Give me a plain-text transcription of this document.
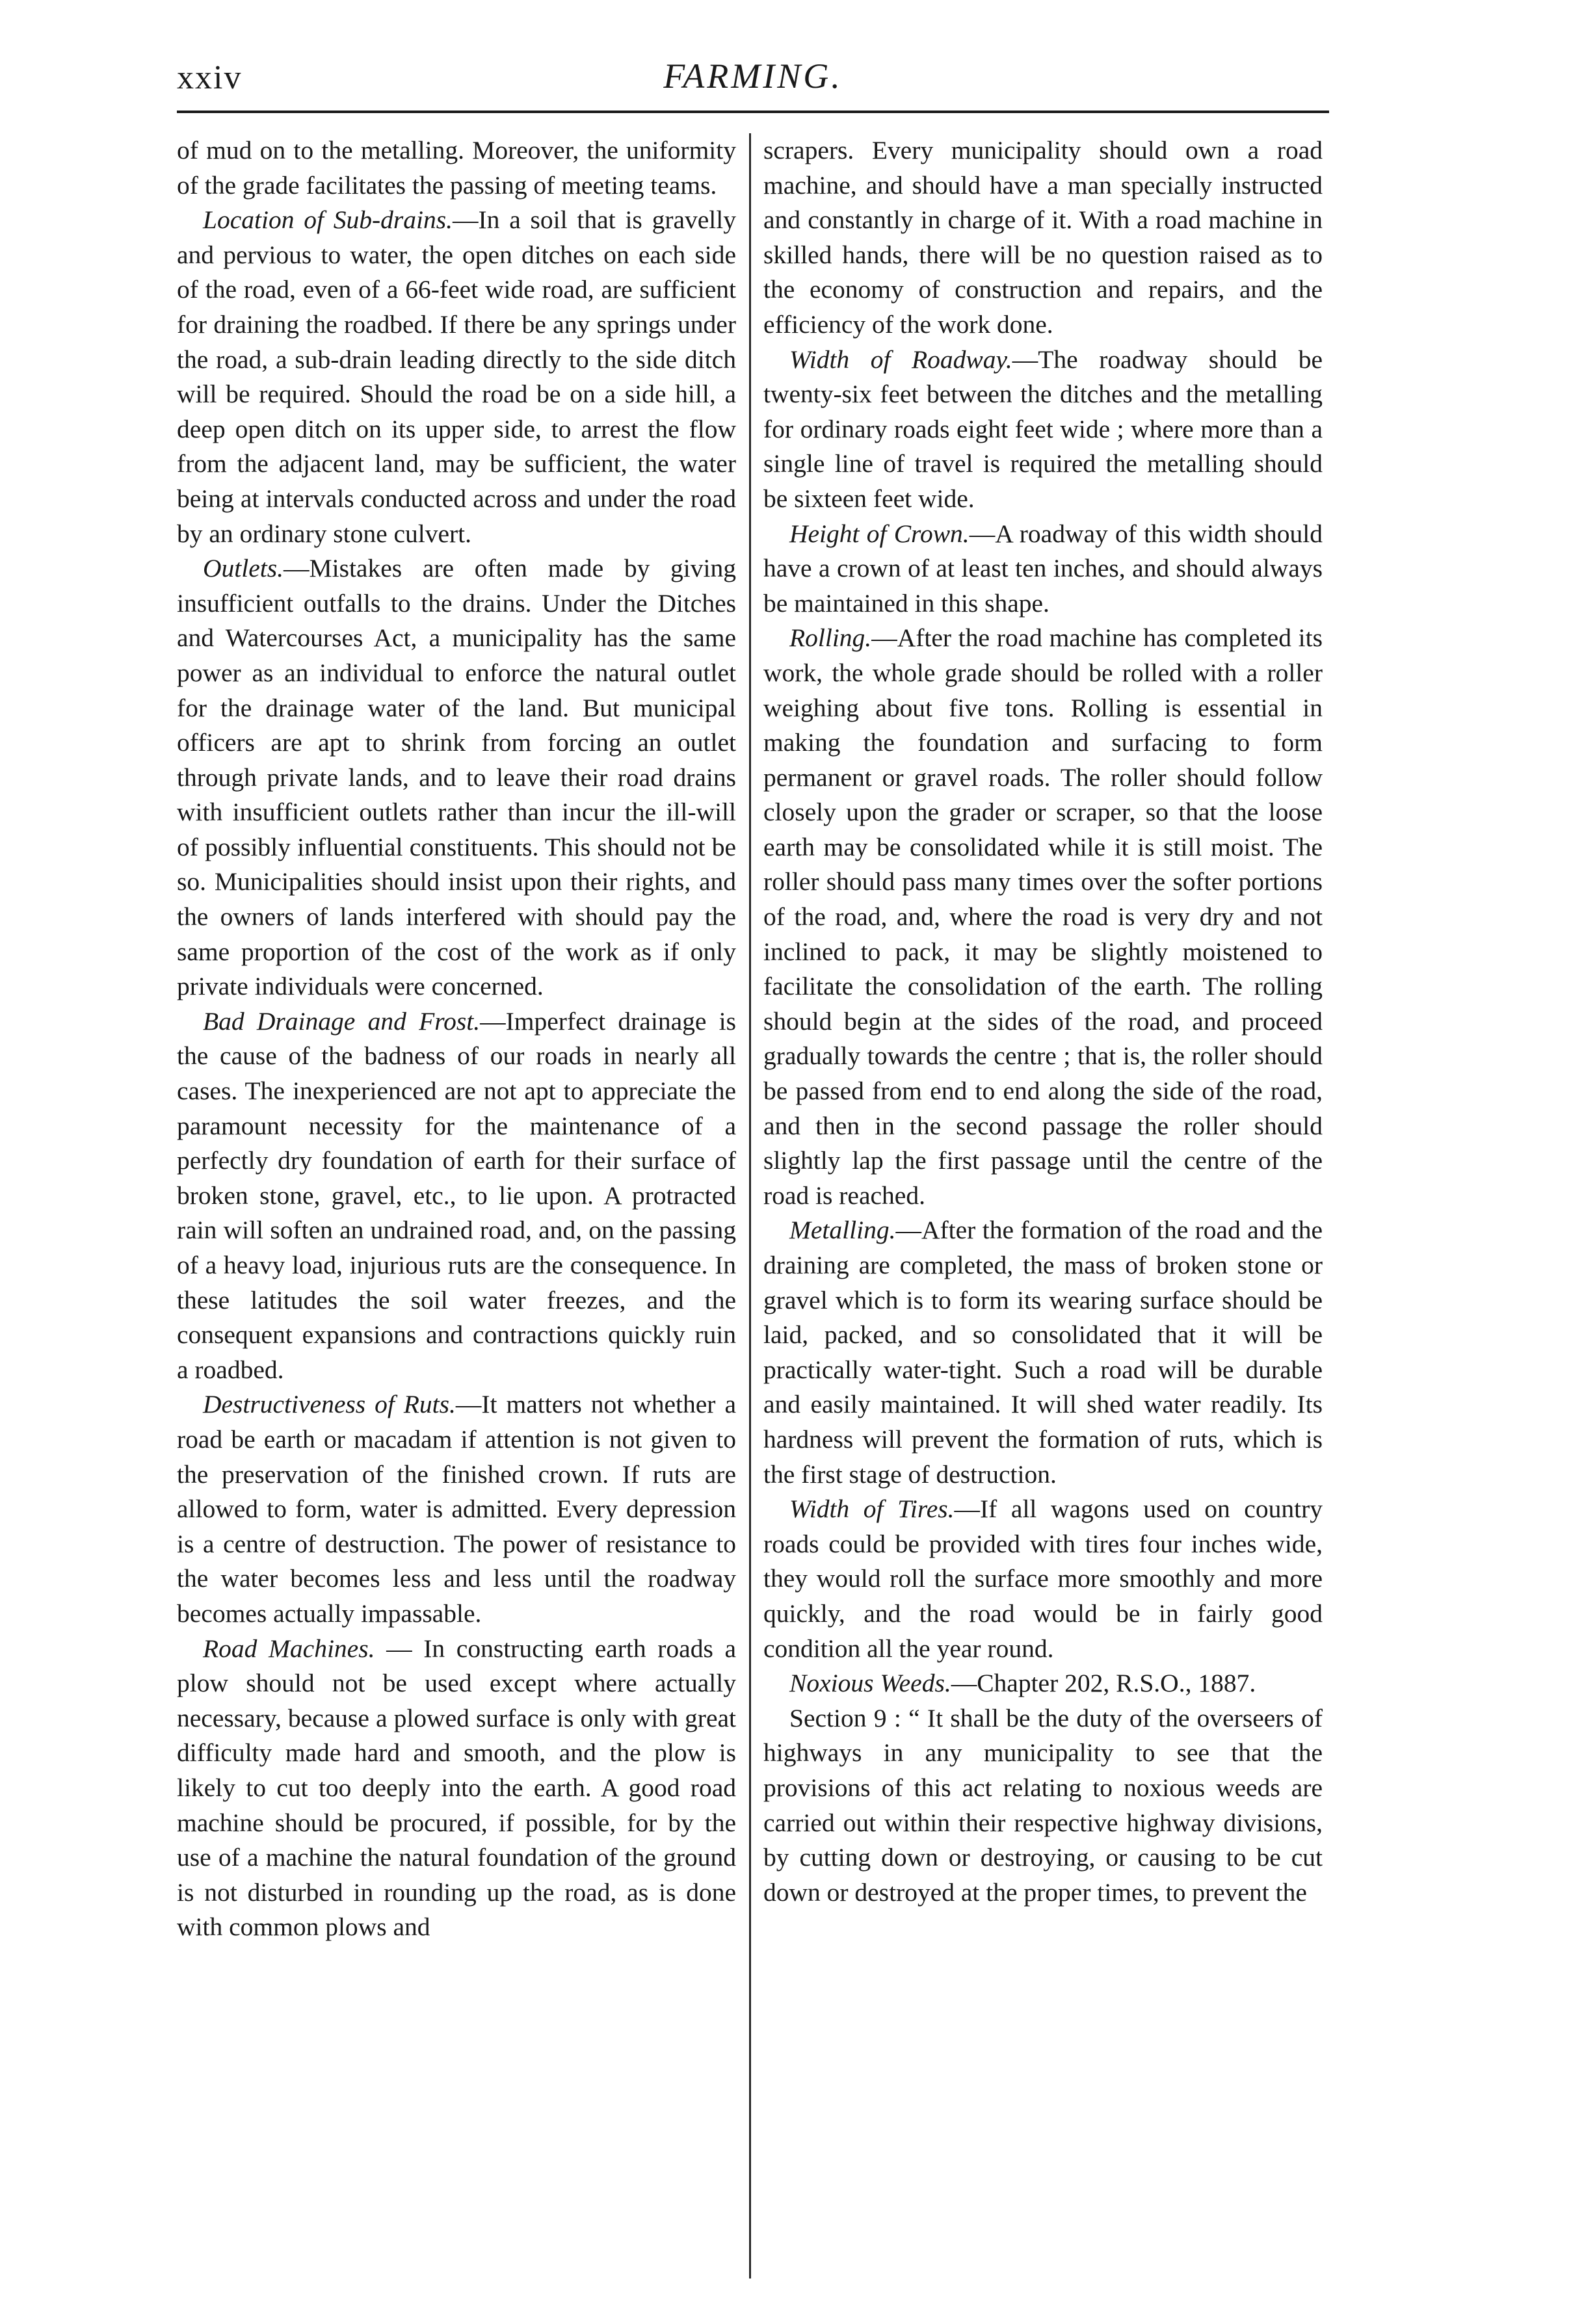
xxiv	FARMING.

of mud on to the metalling. Moreover, the uniformity of the grade facilitates the passing of meeting teams.

Location of Sub-drains.—In a soil that is gravelly and pervious to water, the open ditches on each side of the road, even of a 66-feet wide road, are sufficient for draining the roadbed. If there be any springs under the road, a sub-drain leading directly to the side ditch will be required. Should the road be on a side hill, a deep open ditch on its upper side, to arrest the flow from the adjacent land, may be sufficient, the water being at intervals conducted across and under the road by an ordinary stone culvert.

Outlets.—Mistakes are often made by giving insufficient outfalls to the drains. Under the Ditches and Watercourses Act, a municipality has the same power as an individual to enforce the natural outlet for the drainage water of the land. But municipal officers are apt to shrink from forcing an outlet through private lands, and to leave their road drains with insufficient outlets rather than incur the ill-will of possibly influential constituents. This should not be so. Municipalities should insist upon their rights, and the owners of lands interfered with should pay the same proportion of the cost of the work as if only private individuals were concerned.

Bad Drainage and Frost.—Imperfect drainage is the cause of the badness of our roads in nearly all cases. The inexperienced are not apt to appreciate the paramount necessity for the maintenance of a perfectly dry foundation of earth for their surface of broken stone, gravel, etc., to lie upon. A protracted rain will soften an undrained road, and, on the passing of a heavy load, injurious ruts are the consequence. In these latitudes the soil water freezes, and the consequent expansions and contractions quickly ruin a roadbed.

Destructiveness of Ruts.—It matters not whether a road be earth or macadam if attention is not given to the preservation of the finished crown. If ruts are allowed to form, water is admitted. Every depression is a centre of destruction. The power of resistance to the water becomes less and less until the roadway becomes actually impassable.

Road Machines. — In constructing earth roads a plow should not be used except where actually necessary, because a plowed surface is only with great difficulty made hard and smooth, and the plow is likely to cut too deeply into the earth. A good road machine should be procured, if possible, for by the use of a machine the natural foundation of the ground is not disturbed in rounding up the road, as is done with common plows and

scrapers. Every municipality should own a road machine, and should have a man specially instructed and constantly in charge of it. With a road machine in skilled hands, there will be no question raised as to the economy of construction and repairs, and the efficiency of the work done.

Width of Roadway.—The roadway should be twenty-six feet between the ditches and the metalling for ordinary roads eight feet wide ; where more than a single line of travel is required the metalling should be sixteen feet wide.

Height of Crown.—A roadway of this width should have a crown of at least ten inches, and should always be maintained in this shape.

Rolling.—After the road machine has completed its work, the whole grade should be rolled with a roller weighing about five tons. Rolling is essential in making the foundation and surfacing to form permanent or gravel roads. The roller should follow closely upon the grader or scraper, so that the loose earth may be consolidated while it is still moist. The roller should pass many times over the softer portions of the road, and, where the road is very dry and not inclined to pack, it may be slightly moistened to facilitate the consolidation of the earth. The rolling should begin at the sides of the road, and proceed gradually towards the centre ; that is, the roller should be passed from end to end along the side of the road, and then in the second passage the roller should slightly lap the first passage until the centre of the road is reached.

Metalling.—After the formation of the road and the draining are completed, the mass of broken stone or gravel which is to form its wearing surface should be laid, packed, and so consolidated that it will be practically water-tight. Such a road will be durable and easily maintained. It will shed water readily. Its hardness will prevent the formation of ruts, which is the first stage of destruction.

Width of Tires.—If all wagons used on country roads could be provided with tires four inches wide, they would roll the surface more smoothly and more quickly, and the road would be in fairly good condition all the year round.

Noxious Weeds.—Chapter 202, R.S.O., 1887.

Section 9 : “ It shall be the duty of the overseers of highways in any municipality to see that the provisions of this act relating to noxious weeds are carried out within their respective highway divisions, by cutting down or destroying, or causing to be cut down or destroyed at the proper times, to prevent the
